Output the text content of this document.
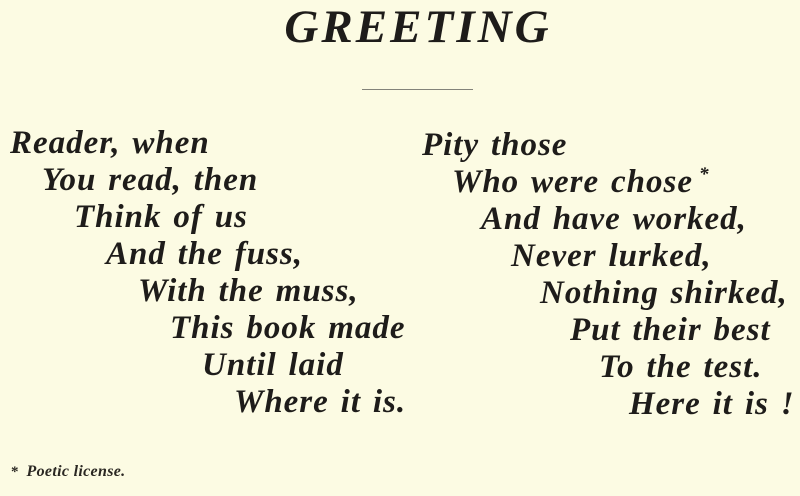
GREETING
Reader, when
You read, then
Think of us
And the fuss,
With the muss,
This book made
Until laid
Where it is.
Pity those
Who were chose *
And have worked,
Never lurked,
Nothing shirked,
Put their best
To the test.
Here it is !
* Poetic license.
